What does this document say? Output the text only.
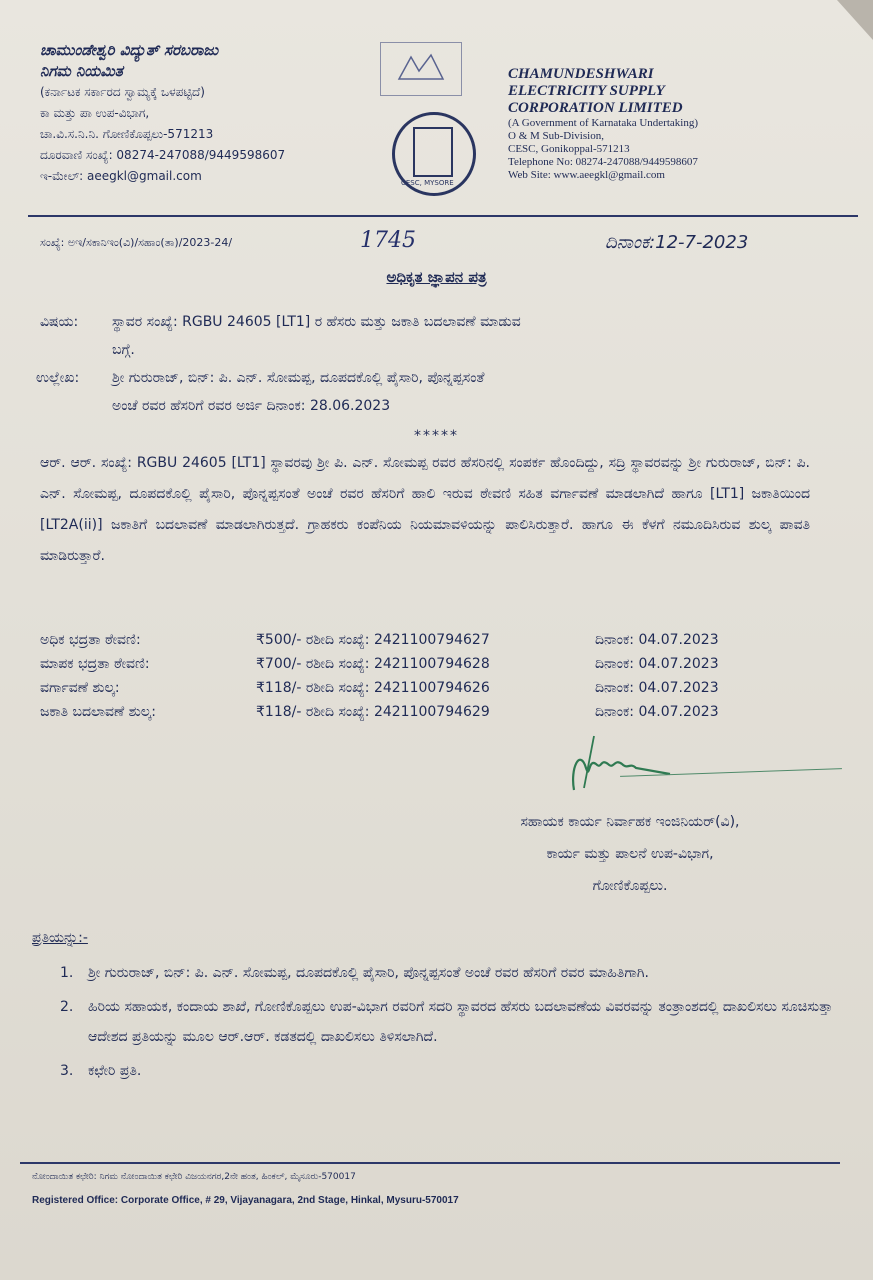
ಚಾಮುಂಡೇಶ್ವರಿ ವಿದ್ಯುತ್ ಸರಬರಾಜು
ನಿಗಮ ನಿಯಮಿತ
(ಕರ್ನಾಟಕ ಸರ್ಕಾರದ ಸ್ವಾಮ್ಯಕ್ಕೆ ಒಳಪಟ್ಟಿದೆ)
ಕಾ ಮತ್ತು ಪಾ ಉಪ-ವಿಭಾಗ,
ಚಾ.ವಿ.ಸ.ನಿ.ನಿ. ಗೋಣಿಕೊಪ್ಪಲು-571213
ದೂರವಾಣಿ ಸಂಖ್ಯೆ: 08274-247088/9449598607
ಇ-ಮೇಲ್: aeegkl@gmail.com	CESC, MYSORE
CHAMUNDESHWARI
ELECTRICITY SUPPLY
CORPORATION LIMITED
(A Government of Karnataka Undertaking)
O & M Sub-Division,
CESC, Gonikoppal-571213
Telephone No: 08274-247088/9449598607
Web Site: www.aeegkl@gmail.com
ಸಂಖ್ಯೆ: ಅಇ/ಸಕಾನಿಇಂ(ವಿ)/ಸಹಾಂ(ತಾ)/2023-24/	1745	ದಿನಾಂಕ:12-7-2023
ಅಧಿಕೃತ ಜ್ಞಾಪನ ಪತ್ರ
ವಿಷಯ: ಸ್ಥಾವರ ಸಂಖ್ಯೆ: RGBU 24605 [LT1] ರ ಹೆಸರು ಮತ್ತು ಜಕಾತಿ ಬದಲಾವಣೆ ಮಾಡುವ
ಬಗ್ಗೆ.
ಉಲ್ಲೇಖ: ಶ್ರೀ ಗುರುರಾಜ್, ಬಿನ್: ಪಿ. ಎನ್. ಸೋಮಪ್ಪ, ದೂಪದಕೊಲ್ಲಿ ಪೈಸಾರಿ, ಪೊನ್ನಪ್ಪಸಂತೆ
ಅಂಚೆ ರವರ ಹೆಸರಿಗೆ ರವರ ಅರ್ಜಿ ದಿನಾಂಕ: 28.06.2023
*****
ಆರ್. ಆರ್. ಸಂಖ್ಯೆ: RGBU 24605 [LT1] ಸ್ಥಾವರವು ಶ್ರೀ ಪಿ. ಎನ್. ಸೋಮಪ್ಪ ರವರ ಹೆಸರಿನಲ್ಲಿ ಸಂಪರ್ಕ ಹೊಂದಿದ್ದು, ಸದ್ರಿ ಸ್ಥಾವರವನ್ನು ಶ್ರೀ ಗುರುರಾಜ್, ಬಿನ್: ಪಿ. ಎನ್. ಸೋಮಪ್ಪ, ದೂಪದಕೊಲ್ಲಿ ಪೈಸಾರಿ, ಪೊನ್ನಪ್ಪಸಂತೆ ಅಂಚೆ ರವರ ಹೆಸರಿಗೆ ಹಾಲಿ ಇರುವ ಠೇವಣಿ ಸಹಿತ ವರ್ಗಾವಣೆ ಮಾಡಲಾಗಿದೆ ಹಾಗೂ [LT1] ಜಕಾತಿಯಿಂದ [LT2A(ii)] ಜಕಾತಿಗೆ ಬದಲಾವಣೆ ಮಾಡಲಾಗಿರುತ್ತದೆ. ಗ್ರಾಹಕರು ಕಂಪೆನಿಯ ನಿಯಮಾವಳಿಯನ್ನು ಪಾಲಿಸಿರುತ್ತಾರೆ. ಹಾಗೂ ಈ ಕೆಳಗೆ ನಮೂದಿಸಿರುವ ಶುಲ್ಕ ಪಾವತಿ ಮಾಡಿರುತ್ತಾರೆ.
ಅಧಿಕ ಭದ್ರತಾ ಠೇವಣಿ:	₹500/- ರಶೀದಿ ಸಂಖ್ಯೆ: 2421100794627	ದಿನಾಂಕ: 04.07.2023
ಮಾಪಕ ಭದ್ರತಾ ಠೇವಣಿ:	₹700/- ರಶೀದಿ ಸಂಖ್ಯೆ: 2421100794628	ದಿನಾಂಕ: 04.07.2023
ವರ್ಗಾವಣೆ ಶುಲ್ಕ:	₹118/- ರಶೀದಿ ಸಂಖ್ಯೆ: 2421100794626	ದಿನಾಂಕ: 04.07.2023
ಜಕಾತಿ ಬದಲಾವಣೆ ಶುಲ್ಕ:	₹118/- ರಶೀದಿ ಸಂಖ್ಯೆ: 2421100794629	ದಿನಾಂಕ: 04.07.2023
ಸಹಾಯಕ ಕಾರ್ಯ ನಿರ್ವಾಹಕ ಇಂಜಿನಿಯರ್(ವಿ),
ಕಾರ್ಯ ಮತ್ತು ಪಾಲನೆ ಉಪ-ವಿಭಾಗ,
ಗೋಣಿಕೊಪ್ಪಲು.
ಪ್ರತಿಯನ್ನು:-
1. ಶ್ರೀ ಗುರುರಾಜ್, ಬಿನ್: ಪಿ. ಎನ್. ಸೋಮಪ್ಪ, ದೂಪದಕೊಲ್ಲಿ ಪೈಸಾರಿ, ಪೊನ್ನಪ್ಪಸಂತೆ ಅಂಚೆ ರವರ ಹೆಸರಿಗೆ ರವರ ಮಾಹಿತಿಗಾಗಿ.
2. ಹಿರಿಯ ಸಹಾಯಕ, ಕಂದಾಯ ಶಾಖೆ, ಗೋಣಿಕೊಪ್ಪಲು ಉಪ-ವಿಭಾಗ ರವರಿಗೆ ಸದರಿ ಸ್ಥಾವರದ ಹೆಸರು ಬದಲಾವಣೆಯ ವಿವರವನ್ನು ತಂತ್ರಾಂಶದಲ್ಲಿ ದಾಖಲಿಸಲು ಸೂಚಿಸುತ್ತಾ ಆದೇಶದ ಪ್ರತಿಯನ್ನು ಮೂಲ ಆರ್.ಆರ್. ಕಡತದಲ್ಲಿ ದಾಖಲಿಸಲು ತಿಳಿಸಲಾಗಿದೆ.
3. ಕಛೇರಿ ಪ್ರತಿ.
ನೋಂದಾಯಿತ ಕಛೇರಿ: ನಿಗಮ ನೋಂದಾಯಿತ ಕಛೇರಿ ವಿಜಯನಗರ,2ನೇ ಹಂತ, ಹಿಂಕಲ್, ಮೈಸೂರು-570017
Registered Office: Corporate Office, # 29, Vijayanagara, 2nd Stage, Hinkal, Mysuru-570017
